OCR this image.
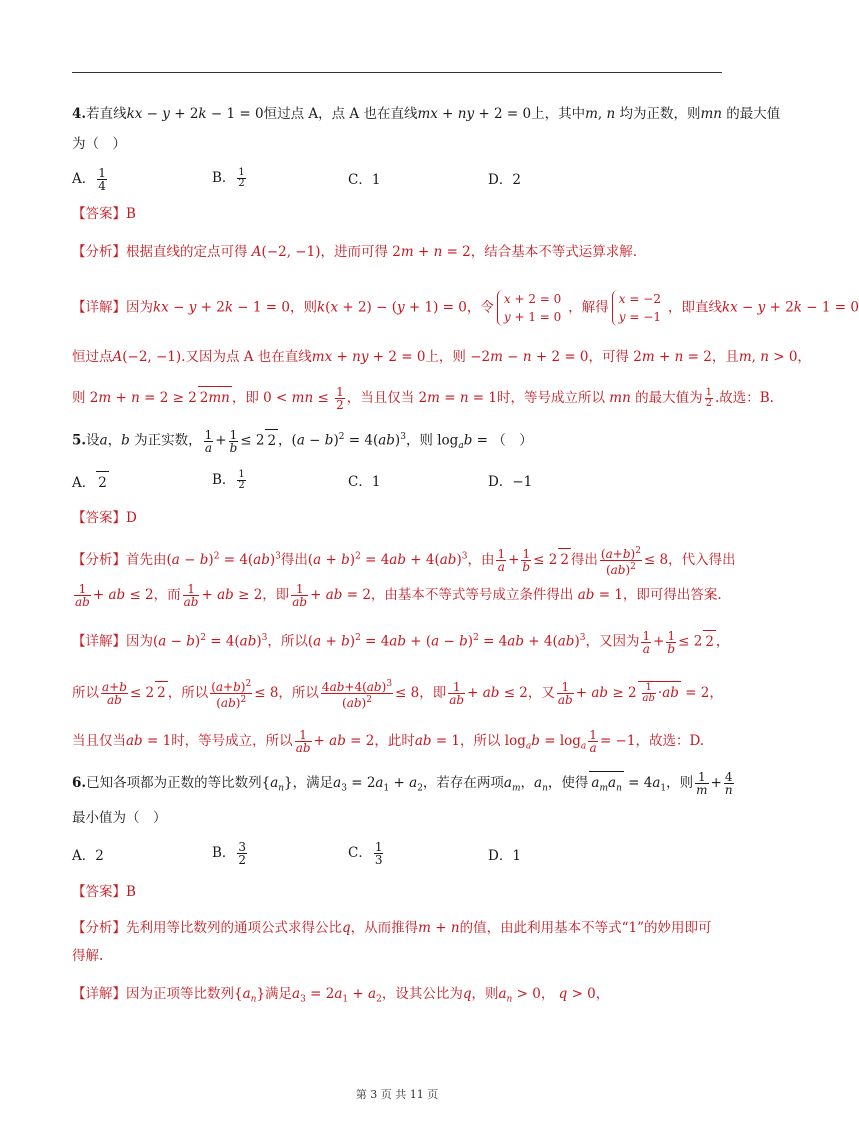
4.若直线kx − y + 2k − 1 = 0恒过点 A，点 A 也在直线mx + ny + 2 = 0上，其中m, n 均为正数，则mn 的最大值
为（　）
A． $\frac{1}{4}$	B． $\frac{1}{2}$	C．1	D．2
【答案】B
【分析】根据直线的定点可得 A(−2, −1)，进而可得 2m + n = 2，结合基本不等式运算求解.
【详解】因为kx − y + 2k − 1 = 0，则k(x + 2) − (y + 1) = 0，令x + 2 = 0
y + 1 = 0，解得x = −2
y = −1，即直线kx − y + 2k − 1 = 0
恒过点A(−2, −1).又因为点 A 也在直线mx + ny + 2 = 0上，则 −2m − n + 2 = 0，可得 2m + n = 2，且m, n > 0，
则 2m + n = 2 ≥ 2 2mn ，即 0 < mn ≤ $\frac{1}{2}$ ，当且仅当 2m = n = 1时，等号成立所以 mn 的最大值为 $\frac{1}{2}$ .故选：B.
5.设a，b 为正实数， $\frac{1}{a} + \frac{1}{b} \le 2$ 2 ，$(a - b)^2 = 4(ab)^3$，则 $\log_ab$ = （　）
A． 2	B． $\frac{1}{2}$	C．1	D．−1
【答案】D
【分析】首先由$(a - b)^2 = 4(ab)^3$得出$(a + b)^2 = 4ab + 4(ab)^3$，由 $\frac{1}{a} + \frac{1}{b} \le 2$ 2 得出 $\frac{(a+b)^2}{(ab)^2} \le 8$，代入得出
$\frac{1}{ab}$ + ab ≤ 2，而 $\frac{1}{ab}$ + ab ≥ 2，即 $\frac{1}{ab}$ + ab = 2，由基本不等式等号成立条件得出 ab = 1，即可得出答案.
【详解】因为$(a - b)^2 = 4(ab)^3$，所以$(a + b)^2 = 4ab + (a - b)^2 = 4ab + 4(ab)^3$，又因为 $\frac{1}{a} + \frac{1}{b} \le 2$ 2 ，
所以 $\frac{a+b}{ab} \le 2$ 2 ，所以 $\frac{(a+b)^2}{(ab)^2} \le 8$，所以 $\frac{4ab+4(ab)^3}{(ab)^2} \le 8$，即 $\frac{1}{ab}$ + ab ≤ 2，又 $\frac{1}{ab}$ + ab ≥ $2 \frac{1}{ab} \cdot ab = 2$，
当且仅当ab = 1时，等号成立，所以 $\frac{1}{ab}$ + ab = 2，此时ab = 1，所以 $\log_ab = \log_a \frac{1}{a} = -1$，故选：D.
6.已知各项都为正数的等比数列$\{a_n\}$，满足$a_3 = 2a_1 + a_2$，若存在两项$a_m$，$a_n$，使得 $a_ma_n = 4a_1$，则 $\frac{1}{m} + \frac{4}{n}$
最小值为（　）
A．2	B． $\frac{3}{2}$	C． $\frac{1}{3}$	D．1
【答案】B
【分析】先利用等比数列的通项公式求得公比q，从而推得m + n的值，由此利用基本不等式“1”的妙用即可
得解.
【详解】因为正项等比数列$\{a_n\}$满足$a_3 = 2a_1 + a_2$，设其公比为q，则$a_n > 0$， q > 0，
第 3 页 共 11 页
